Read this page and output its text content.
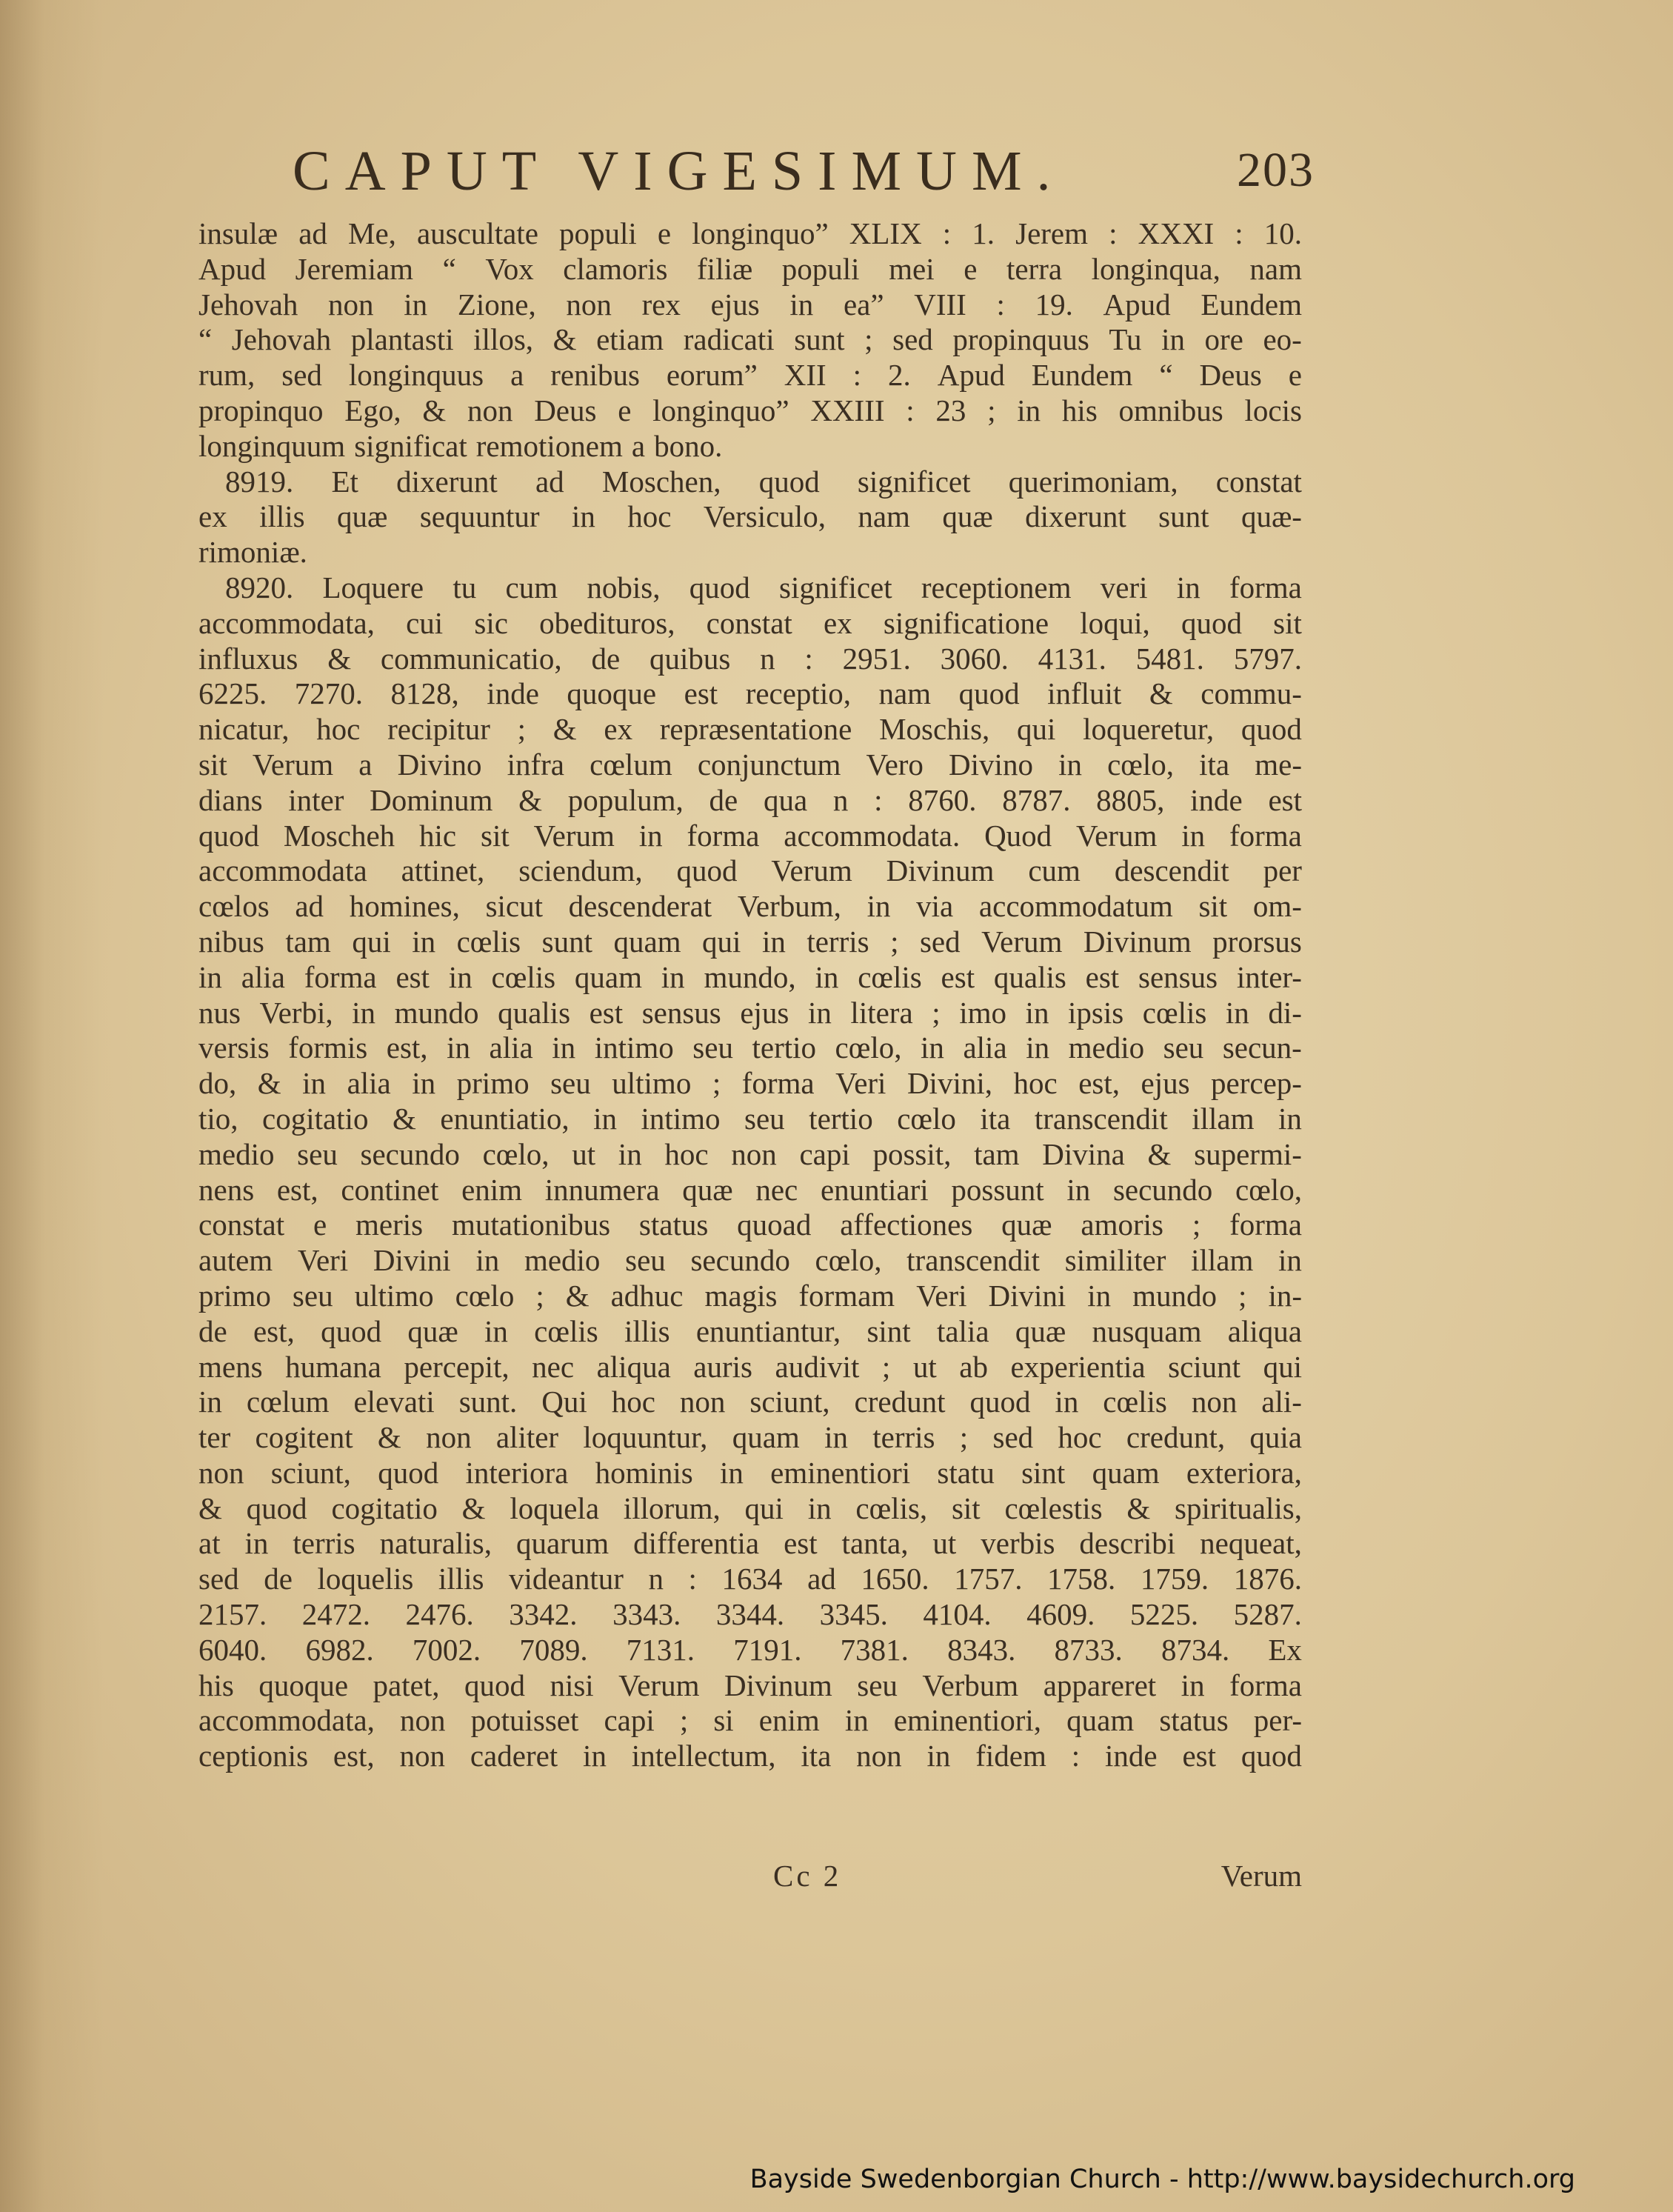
CAPUT VIGESIMUM.	203
insulæ ad Me, auscultate populi e longinquo” XLIX : 1. Jerem : XXXI : 10.
Apud Jeremiam “ Vox clamoris filiæ populi mei e terra longinqua, nam
Jehovah non in Zione, non rex ejus in ea” VIII : 19. Apud Eundem
“ Jehovah plantasti illos, & etiam radicati sunt ; sed propinquus Tu in ore eo-
rum, sed longinquus a renibus eorum” XII : 2. Apud Eundem “ Deus e
propinquo Ego, & non Deus e longinquo” XXIII : 23 ; in his omnibus locis
longinquum significat remotionem a bono.
8919. Et dixerunt ad Moschen, quod significet querimoniam, constat
ex illis quæ sequuntur in hoc Versiculo, nam quæ dixerunt sunt quæ-
rimoniæ.
8920. Loquere tu cum nobis, quod significet receptionem veri in forma
accommodata, cui sic obedituros, constat ex significatione loqui, quod sit
influxus & communicatio, de quibus n : 2951. 3060. 4131. 5481. 5797.
6225. 7270. 8128, inde quoque est receptio, nam quod influit & commu-
nicatur, hoc recipitur ; & ex repræsentatione Moschis, qui loqueretur, quod
sit Verum a Divino infra cœlum conjunctum Vero Divino in cœlo, ita me-
dians inter Dominum & populum, de qua n : 8760. 8787. 8805, inde est
quod Moscheh hic sit Verum in forma accommodata. Quod Verum in forma
accommodata attinet, sciendum, quod Verum Divinum cum descendit per
cœlos ad homines, sicut descenderat Verbum, in via accommodatum sit om-
nibus tam qui in cœlis sunt quam qui in terris ; sed Verum Divinum prorsus
in alia forma est in cœlis quam in mundo, in cœlis est qualis est sensus inter-
nus Verbi, in mundo qualis est sensus ejus in litera ; imo in ipsis cœlis in di-
versis formis est, in alia in intimo seu tertio cœlo, in alia in medio seu secun-
do, & in alia in primo seu ultimo ; forma Veri Divini, hoc est, ejus percep-
tio, cogitatio & enuntiatio, in intimo seu tertio cœlo ita transcendit illam in
medio seu secundo cœlo, ut in hoc non capi possit, tam Divina & supermi-
nens est, continet enim innumera quæ nec enuntiari possunt in secundo cœlo,
constat e meris mutationibus status quoad affectiones quæ amoris ; forma
autem Veri Divini in medio seu secundo cœlo, transcendit similiter illam in
primo seu ultimo cœlo ; & adhuc magis formam Veri Divini in mundo ; in-
de est, quod quæ in cœlis illis enuntiantur, sint talia quæ nusquam aliqua
mens humana percepit, nec aliqua auris audivit ; ut ab experientia sciunt qui
in cœlum elevati sunt. Qui hoc non sciunt, credunt quod in cœlis non ali-
ter cogitent & non aliter loquuntur, quam in terris ; sed hoc credunt, quia
non sciunt, quod interiora hominis in eminentiori statu sint quam exteriora,
& quod cogitatio & loquela illorum, qui in cœlis, sit cœlestis & spiritualis,
at in terris naturalis, quarum differentia est tanta, ut verbis describi nequeat,
sed de loquelis illis videantur n : 1634 ad 1650. 1757. 1758. 1759. 1876.
2157. 2472. 2476. 3342. 3343. 3344. 3345. 4104. 4609. 5225. 5287.
6040. 6982. 7002. 7089. 7131. 7191. 7381. 8343. 8733. 8734. Ex
his quoque patet, quod nisi Verum Divinum seu Verbum appareret in forma
accommodata, non potuisset capi ; si enim in eminentiori, quam status per-
ceptionis est, non caderet in intellectum, ita non in fidem : inde est quod
Cc 2	Verum
Bayside Swedenborgian Church - http://www.baysidechurch.org
